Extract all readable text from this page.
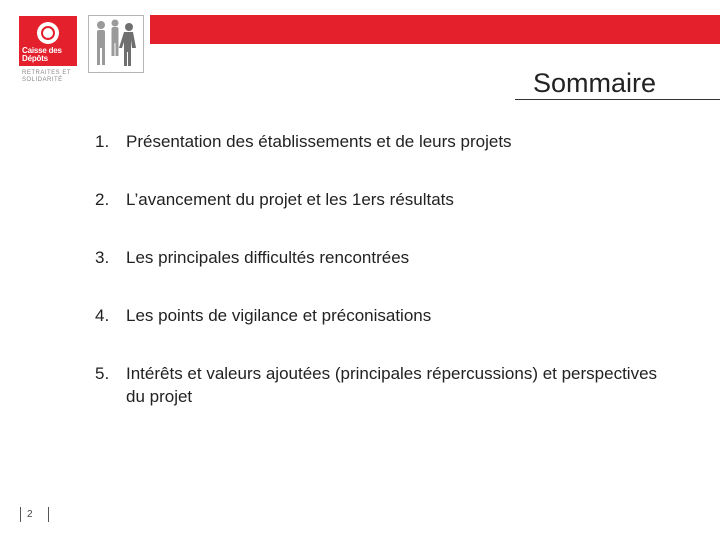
Caisse des Dépôts
RETRAITES ET SOLIDARITÉ	Sommaire
1. Présentation des établissements et de leurs projets
2. L’avancement du projet et les 1ers résultats
3. Les principales difficultés rencontrées
4. Les points de vigilance et préconisations
5. Intérêts et valeurs ajoutées (principales répercussions) et perspectives du projet
2
